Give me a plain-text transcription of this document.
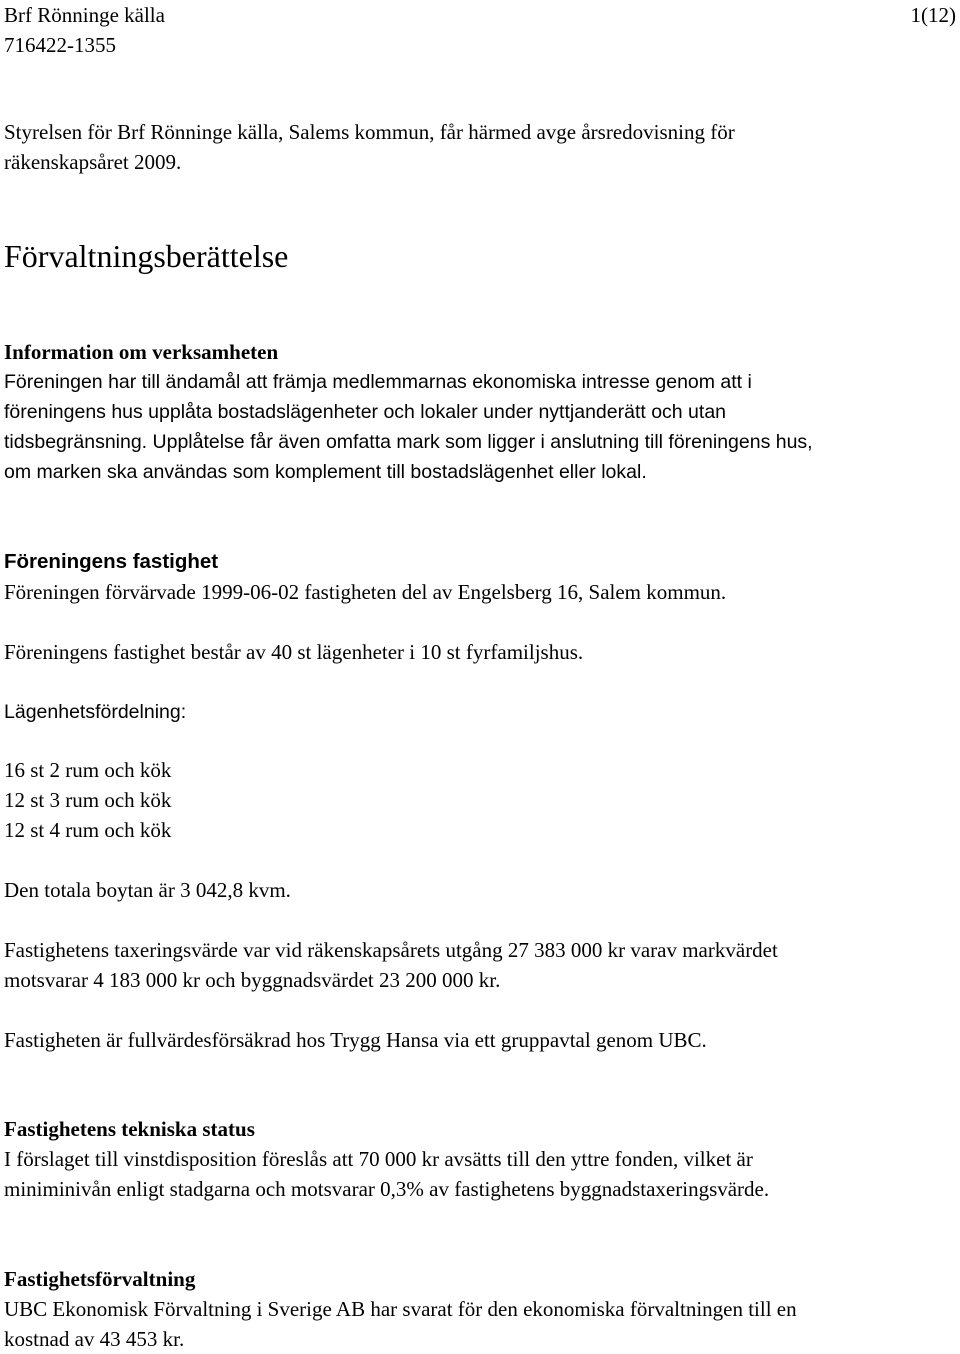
Brf Rönninge källa
716422-1355
1(12)

Styrelsen för Brf Rönninge källa, Salems kommun, får härmed avge årsredovisning för

räkenskapsåret 2009.

Förvaltningsberättelse
Information om verksamheten

Föreningen har till ändamål att främja medlemmarnas ekonomiska intresse genom att i

föreningens hus upplåta bostadslägenheter och lokaler under nyttjanderätt och utan

tidsbegränsning. Upplåtelse får även omfatta mark som ligger i anslutning till föreningens hus,

om marken ska användas som komplement till bostadslägenhet eller lokal.

Föreningens fastighet

Föreningen förvärvade 1999-06-02 fastigheten del av Engelsberg 16, Salem kommun.

Föreningens fastighet består av 40 st lägenheter i 10 st fyrfamiljshus.
Lägenhetsfördelning:

16 st 2 rum och kök

12 st 3 rum och kök

12 st 4 rum och kök

Den totala boytan är 3 042,8 kvm.

Fastighetens taxeringsvärde var vid räkenskapsårets utgång 27 383 000 kr varav markvärdet

motsvarar 4 183 000 kr och byggnadsvärdet 23 200 000 kr.

Fastigheten är fullvärdesförsäkrad hos Trygg Hansa via ett gruppavtal genom UBC.
Fastighetens tekniska status

I förslaget till vinstdisposition föreslås att 70 000 kr avsätts till den yttre fonden, vilket är

miniminivån enligt stadgarna och motsvarar 0,3% av fastighetens byggnadstaxeringsvärde.

Fastighetsförvaltning

UBC Ekonomisk Förvaltning i Sverige AB har svarat för den ekonomiska förvaltningen till en

kostnad av 43 453 kr.
